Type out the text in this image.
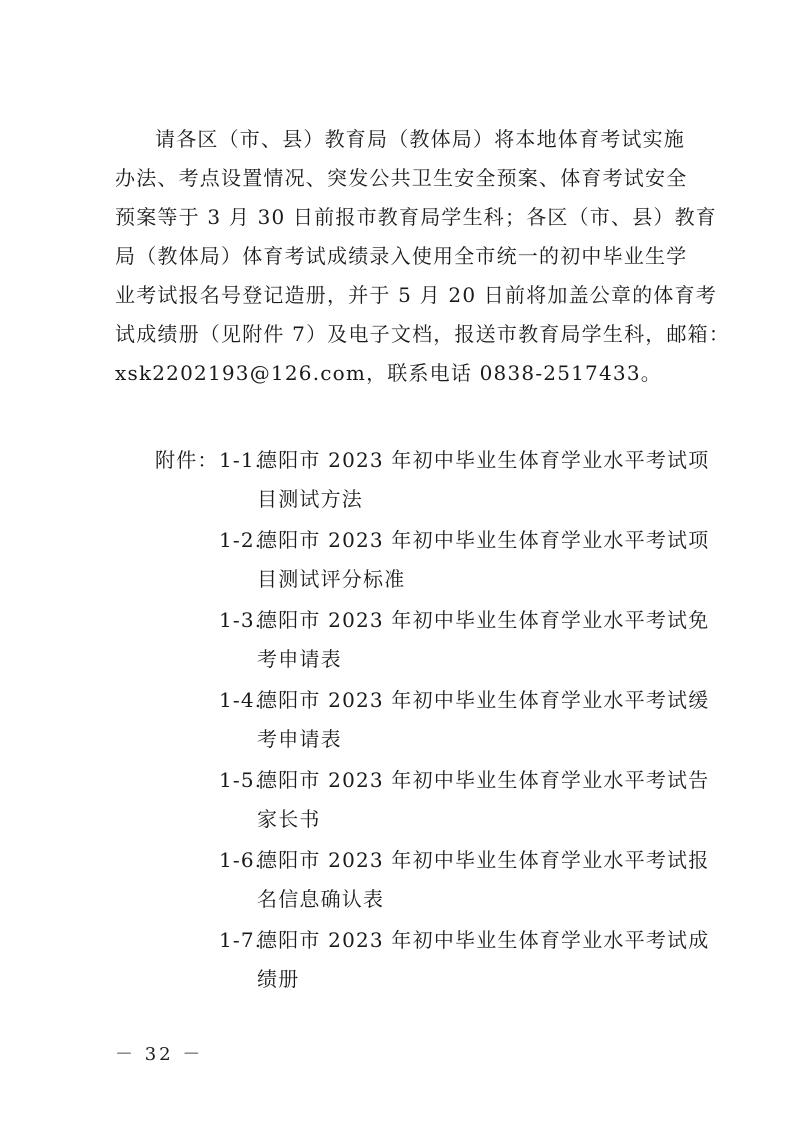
请各区（市、县）教育局（教体局）将本地体育考试实施
办法、考点设置情况、突发公共卫生安全预案、体育考试安全
预案等于 3 月 30 日前报市教育局学生科；各区（市、县）教育
局（教体局）体育考试成绩录入使用全市统一的初中毕业生学
业考试报名号登记造册，并于 5 月 20 日前将加盖公章的体育考
试成绩册（见附件 7）及电子文档，报送市教育局学生科，邮箱：
xsk2202193@126.com，联系电话 0838-2517433。
附件： 1-1.德阳市 2023 年初中毕业生体育学业水平考试项
目测试方法
1-2.德阳市 2023 年初中毕业生体育学业水平考试项
目测试评分标准
1-3.德阳市 2023 年初中毕业生体育学业水平考试免
考申请表
1-4.德阳市 2023 年初中毕业生体育学业水平考试缓
考申请表
1-5.德阳市 2023 年初中毕业生体育学业水平考试告
家长书
1-6.德阳市 2023 年初中毕业生体育学业水平考试报
名信息确认表
1-7.德阳市 2023 年初中毕业生体育学业水平考试成
绩册
－ 32 －
